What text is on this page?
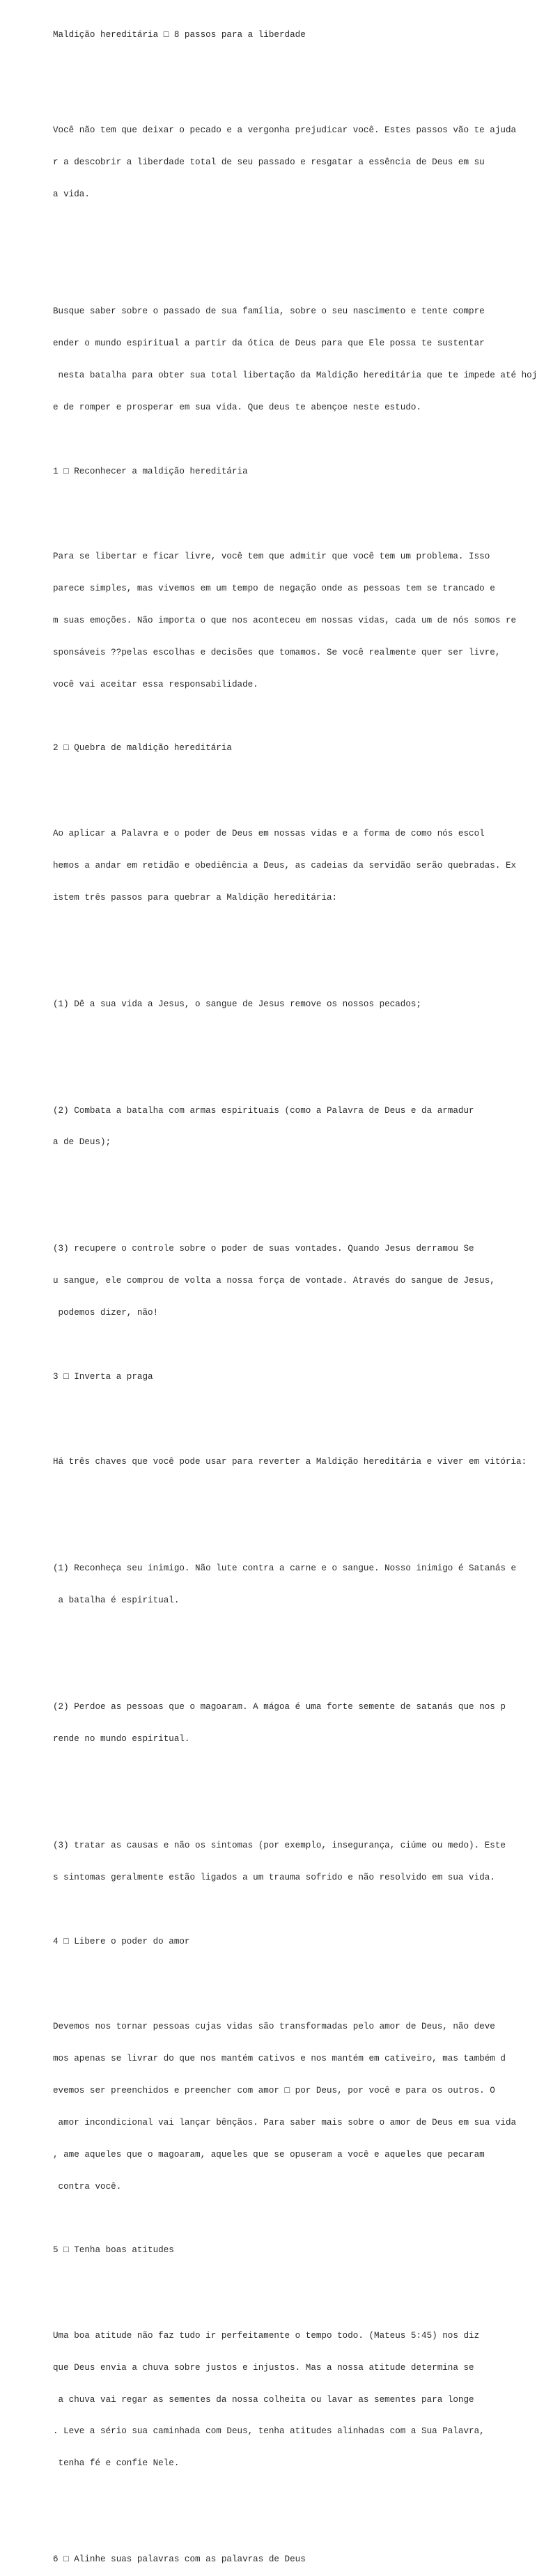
Maldição hereditária □ 8 passos para a liberdade

Você não tem que deixar o pecado e a vergonha prejudicar você. Estes passos vão te ajuda

r a descobrir a liberdade total de seu passado e resgatar a essência de Deus em su

a vida.

Busque saber sobre o passado de sua família, sobre o seu nascimento e tente compre

ender o mundo espiritual a partir da ótica de Deus para que Ele possa te sustentar

nesta batalha para obter sua total libertação da Maldição hereditária que te impede até hoj

e de romper e prosperar em sua vida. Que deus te abençoe neste estudo.

1 □ Reconhecer a maldição hereditária

Para se libertar e ficar livre, você tem que admitir que você tem um problema. Isso

parece simples, mas vivemos em um tempo de negação onde as pessoas tem se trancado e

m suas emoções. Não importa o que nos aconteceu em nossas vidas, cada um de nós somos re

sponsáveis ??pelas escolhas e decisões que tomamos. Se você realmente quer ser livre,

você vai aceitar essa responsabilidade.

2 □ Quebra de maldição hereditária

Ao aplicar a Palavra e o poder de Deus em nossas vidas e a forma de como nós escol

hemos a andar em retidão e obediência a Deus, as cadeias da servidão serão quebradas. Ex

istem três passos para quebrar a Maldição hereditária:

(1) Dê a sua vida a Jesus, o sangue de Jesus remove os nossos pecados;

(2) Combata a batalha com armas espirituais (como a Palavra de Deus e da armadur

a de Deus);

(3) recupere o controle sobre o poder de suas vontades. Quando Jesus derramou Se

u sangue, ele comprou de volta a nossa força de vontade. Através do sangue de Jesus,

podemos dizer, não!

3 □ Inverta a praga

Há três chaves que você pode usar para reverter a Maldição hereditária e viver em vitória:

(1) Reconheça seu inimigo. Não lute contra a carne e o sangue. Nosso inimigo é Satanás e

a batalha é espiritual.

(2) Perdoe as pessoas que o magoaram. A mágoa é uma forte semente de satanás que nos p

rende no mundo espiritual.

(3) tratar as causas e não os sintomas (por exemplo, insegurança, ciúme ou medo). Este

s sintomas geralmente estão ligados a um trauma sofrido e não resolvido em sua vida.

4 □ Libere o poder do amor

Devemos nos tornar pessoas cujas vidas são transformadas pelo amor de Deus, não deve

mos apenas se livrar do que nos mantém cativos e nos mantém em cativeiro, mas também d

evemos ser preenchidos e preencher com amor □ por Deus, por você e para os outros. O

amor incondicional vai lançar bênçãos. Para saber mais sobre o amor de Deus em sua vida

, ame aqueles que o magoaram, aqueles que se opuseram a você e aqueles que pecaram

contra você.

5 □ Tenha boas atitudes

Uma boa atitude não faz tudo ir perfeitamente o tempo todo. (Mateus 5:45) nos diz

que Deus envia a chuva sobre justos e injustos. Mas a nossa atitude determina se

a chuva vai regar as sementes da nossa colheita ou lavar as sementes para longe

. Leve a sério sua caminhada com Deus, tenha atitudes alinhadas com a Sua Palavra,

tenha fé e confie Nele.

6 □ Alinhe suas palavras com as palavras de Deus
